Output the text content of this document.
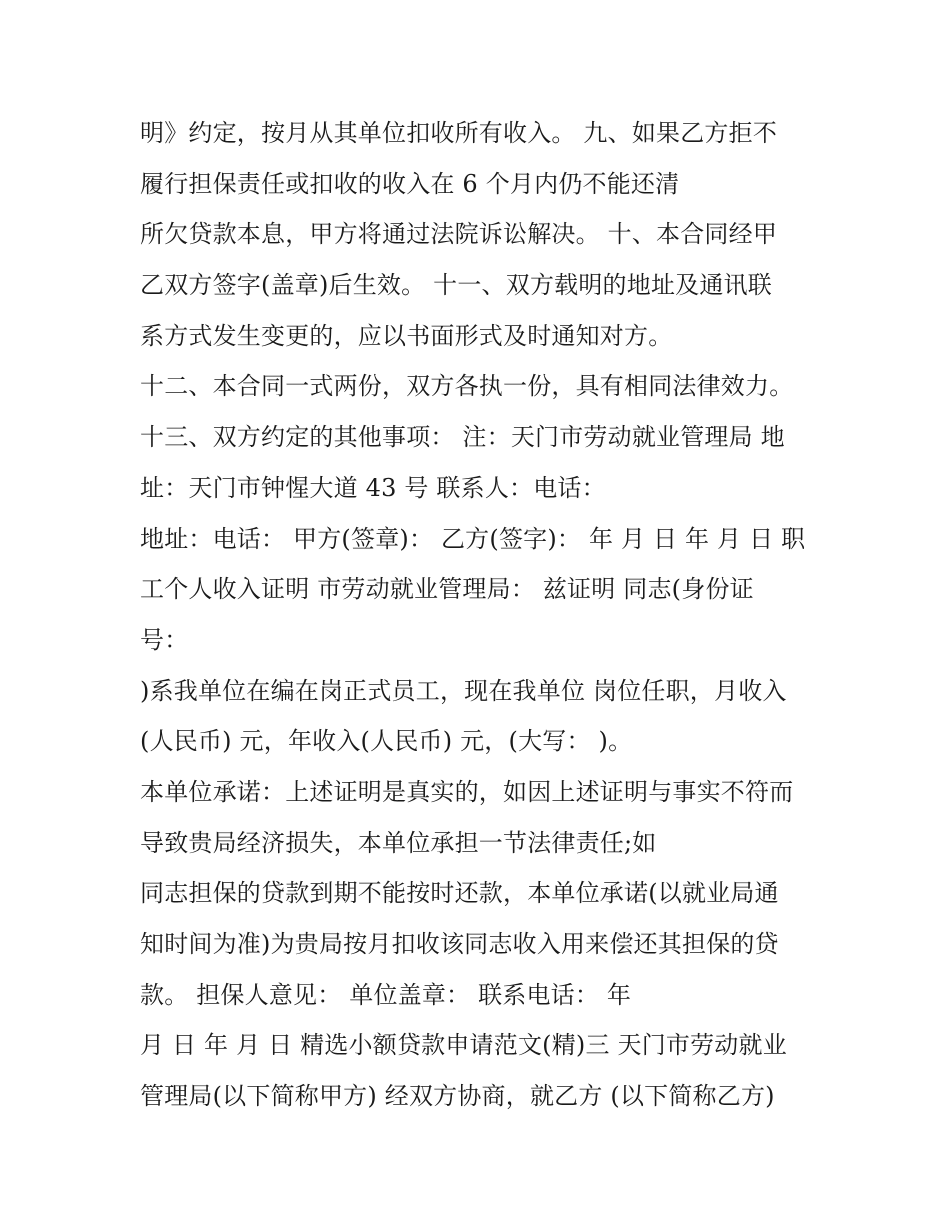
明》约定，按月从其单位扣收所有收入。 九、如果乙方拒不
履行担保责任或扣收的收入在 6 个月内仍不能还清
所欠贷款本息，甲方将通过法院诉讼解决。 十、本合同经甲
乙双方签字(盖章)后生效。 十一、双方载明的地址及通讯联
系方式发生变更的，应以书面形式及时通知对方。
十二、本合同一式两份，双方各执一份，具有相同法律效力。
十三、双方约定的其他事项： 注：天门市劳动就业管理局 地
址：天门市钟惺大道 43 号 联系人：电话：
地址：电话： 甲方(签章)： 乙方(签字)： 年 月 日 年 月 日 职
工个人收入证明 市劳动就业管理局： 兹证明 同志(身份证
号：
)系我单位在编在岗正式员工，现在我单位 岗位任职，月收入
(人民币) 元，年收入(人民币) 元，(大写： )。
本单位承诺：上述证明是真实的，如因上述证明与事实不符而
导致贵局经济损失，本单位承担一节法律责任;如
同志担保的贷款到期不能按时还款，本单位承诺(以就业局通
知时间为准)为贵局按月扣收该同志收入用来偿还其担保的贷
款。 担保人意见： 单位盖章： 联系电话： 年
月 日 年 月 日 精选小额贷款申请范文(精)三 天门市劳动就业
管理局(以下简称甲方) 经双方协商，就乙方 (以下简称乙方)
